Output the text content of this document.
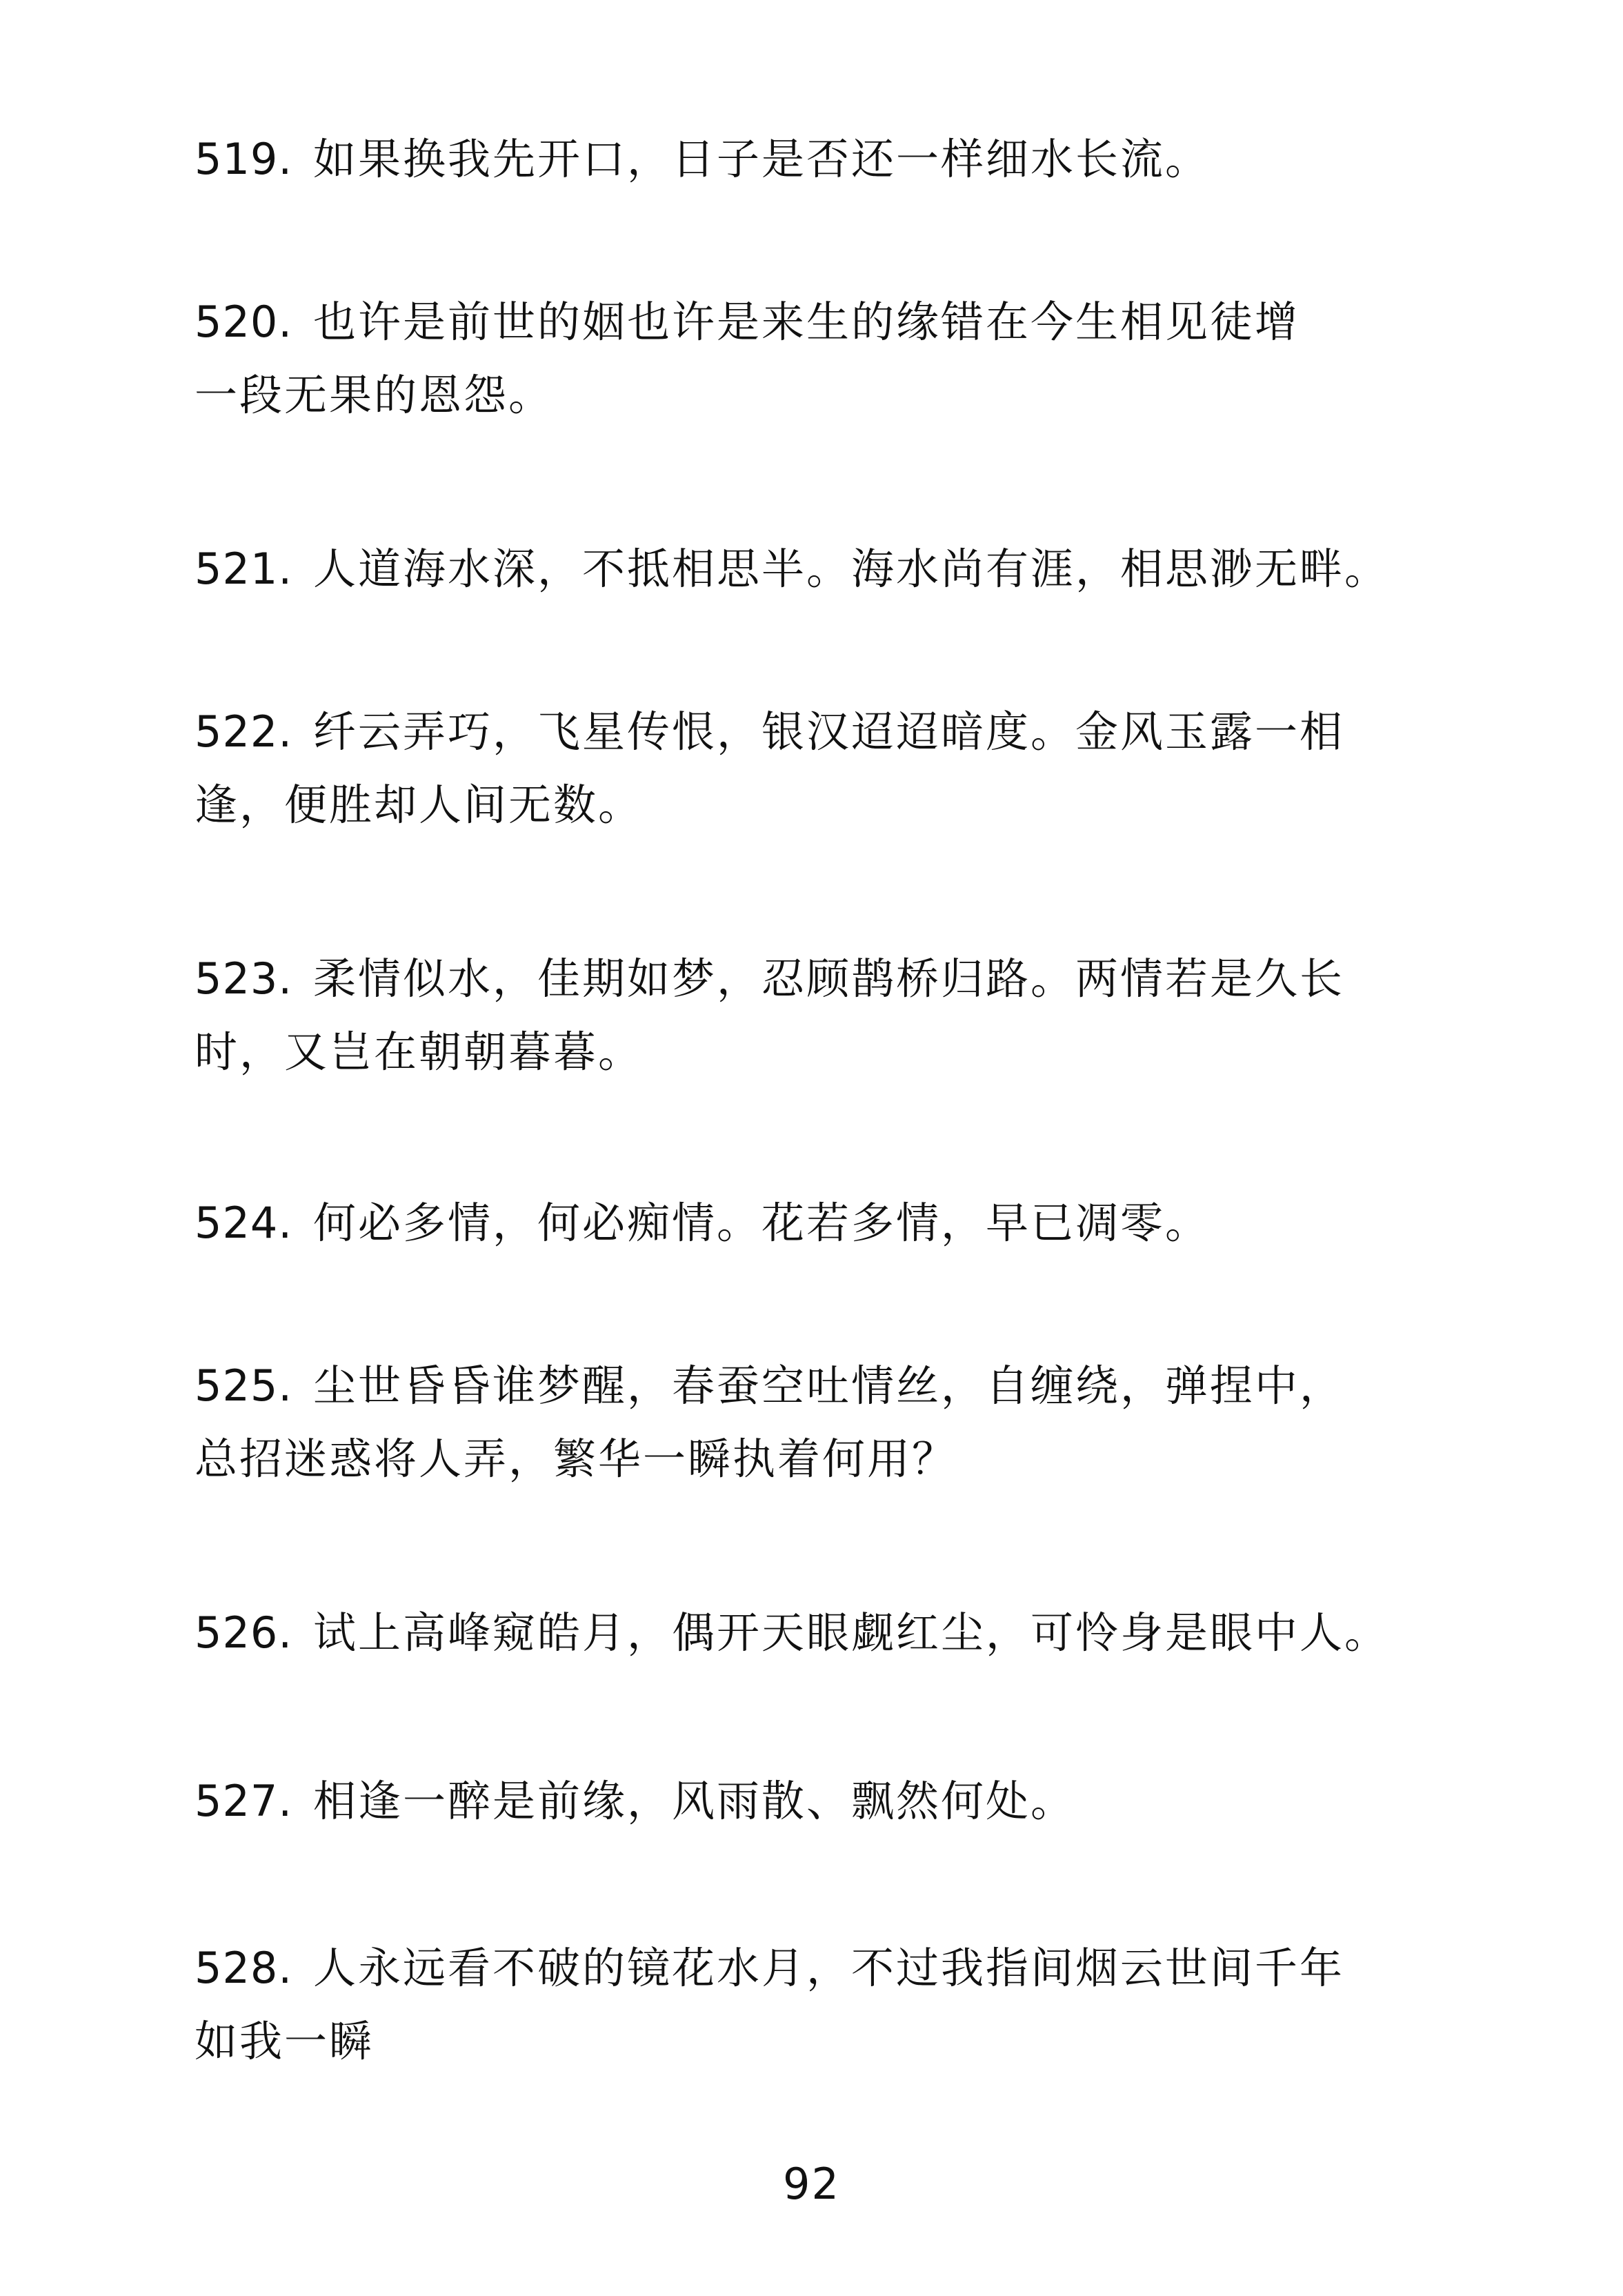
519. 如果换我先开口，日子是否还一样细水长流。

520. 也许是前世的姻也许是来生的缘错在今生相见徒增
一段无果的恩怨。

521. 人道海水深，不抵相思半。海水尚有涯，相思渺无畔。

522. 纤云弄巧，飞星传恨，银汉迢迢暗度。金风玉露一相
逢，便胜却人间无数。

523. 柔情似水，佳期如梦，忍顾鹊桥归路。两情若是久长
时，又岂在朝朝暮暮。

524. 何必多情，何必痴情。花若多情，早已凋零。

525. 尘世昏昏谁梦醒，春蚕空吐情丝，自缠绕，弹捏中，
总招迷惑将人弄，繁华一瞬执着何用？

526. 试上高峰窥皓月，偶开天眼觑红尘，可怜身是眼中人。

527. 相逢一醉是前缘，风雨散、飘然何处。

528. 人永远看不破的镜花水月，不过我指间烟云世间千年
如我一瞬

92
